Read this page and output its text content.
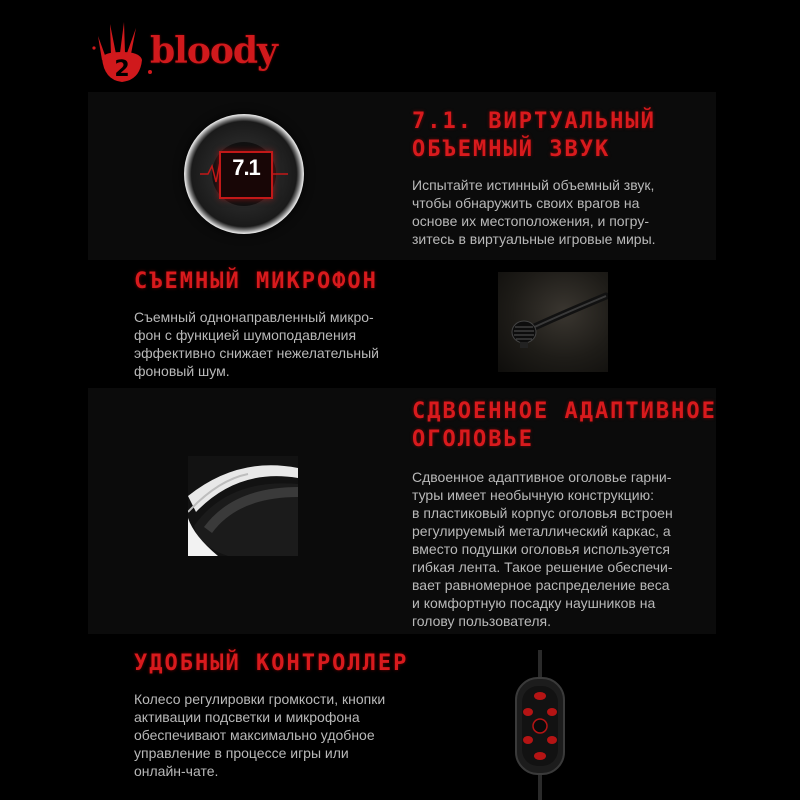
2 bloody
7.1
7.1. ВИРТУАЛЬНЫЙ
ОБЪЕМНЫЙ ЗВУК
Испытайте истинный объемный звук,
чтобы обнаружить своих врагов на
основе их местоположения, и погру-
зитесь в виртуальные игровые миры.
СЪЕМНЫЙ МИКРОФОН
Съемный однонаправленный микро-
фон с функцией шумоподавления
эффективно снижает нежелательный
фоновый шум.
СДВОЕННОЕ АДАПТИВНОЕ
ОГОЛОВЬЕ
Сдвоенное адаптивное оголовье гарни-
туры имеет необычную конструкцию:
в пластиковый корпус оголовья встроен
регулируемый металлический каркас, а
вместо подушки оголовья используется
гибкая лента. Такое решение обеспечи-
вает равномерное распределение веса
и комфортную посадку наушников на
голову пользователя.
УДОБНЫЙ КОНТРОЛЛЕР
Колесо регулировки громкости, кнопки
активации подсветки и микрофона
обеспечивают максимально удобное
управление в процессе игры или
онлайн-чате.
